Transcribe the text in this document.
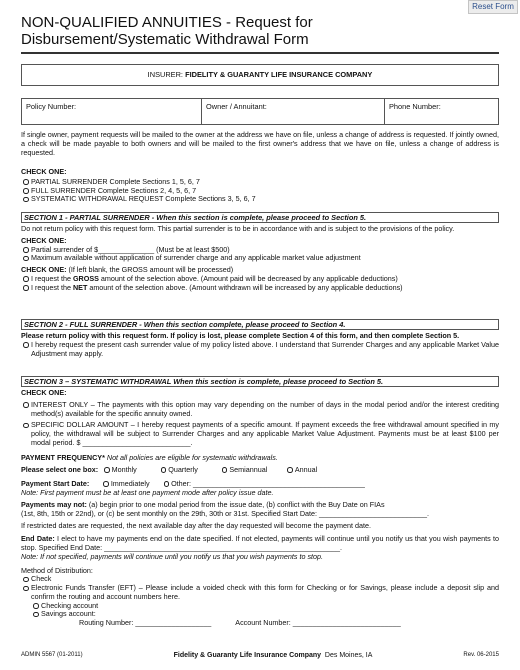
Reset Form
NON-QUALIFIED ANNUITIES - Request for
Disbursement/Systematic Withdrawal Form
INSURER: FIDELITY & GUARANTY LIFE INSURANCE COMPANY
Policy Number:	Owner / Annuitant:	Phone Number:
If single owner, payment requests will be mailed to the owner at the address we have on file, unless a change of address is requested. If jointly owned, a check will be made payable to both owners and will be mailed to the first owner's address that we have on file, unless a change of address is requested.
CHECK ONE:
PARTIAL SURRENDER Complete Sections 1, 5, 6, 7
FULL SURRENDER Complete Sections 2, 4, 5, 6, 7
SYSTEMATIC WITHDRAWAL REQUEST Complete Sections 3, 5, 6, 7
SECTION 1 - PARTIAL SURRENDER - When this section is complete, please proceed to Section 5.
Do not return policy with this request form. This partial surrender is to be in accordance with and is subject to the provisions of the policy.
CHECK ONE:
Partial surrender of $______________ (Must be at least $500)
Maximum available without application of surrender charge and any applicable market value adjustment
CHECK ONE: (If left blank, the GROSS amount will be processed)
I request the GROSS amount of the selection above. (Amount paid will be decreased by any applicable deductions)
I request the NET amount of the selection above. (Amount withdrawn will be increased by any applicable deductions)
SECTION 2 - FULL SURRENDER - When this section complete, please proceed to Section 4.
Please return policy with this request form. If policy is lost, please complete Section 4 of this form, and then complete Section 5.
I hereby request the present cash surrender value of my policy listed above. I understand that Surrender Charges and any applicable Market Value Adjustment may apply.
SECTION 3 – SYSTEMATIC WITHDRAWAL When this section is complete, please proceed to Section 5.
CHECK ONE:
INTEREST ONLY – The payments with this option may vary depending on the number of days in the modal period and/or the interest crediting method(s) available for the specific annuity owned.
SPECIFIC DOLLAR AMOUNT – I hereby request payments of a specific amount. If payment exceeds the free withdrawal amount specified in my policy, the withdrawal will be subject to Surrender Charges and any applicable Market Value Adjustment. Payments must be at least $100 per modal period. $ ___________________________.
PAYMENT FREQUENCY* Not all policies are eligible for systematic withdrawals.
Please select one box: Monthly	Quarterly	Semiannual	Annual
Payment Start Date:	Immediately	Other: ___________________________________________
Note: First payment must be at least one payment mode after policy issue date.
Payments may not: (a) begin prior to one modal period from the issue date, (b) conflict with the Buy Date on FIAs
(1st, 8th, 15th or 22nd), or (c) be sent monthly on the 29th, 30th or 31st. Specified Start Date: ___________________________.
If restricted dates are requested, the next available day after the day requested will become the payment date.
End Date: I elect to have my payments end on the date specified. If not elected, payments will continue until you notify us that you wish payments to stop. Specified End Date: ___________________________________________________________.
Note: If not specified, payments will continue until you notify us that you wish payments to stop.
Method of Distribution:
Check
Electronic Funds Transfer (EFT) – Please include a voided check with this form for Checking or for Savings, please include a deposit slip and confirm the routing and account numbers here.
Checking account
Savings account:
Routing Number: ___________________	Account Number: ___________________________
ADMIN 5567 (01-2011)	Fidelity & Guaranty Life Insurance Company Des Moines, IA	Rev. 06-2015
